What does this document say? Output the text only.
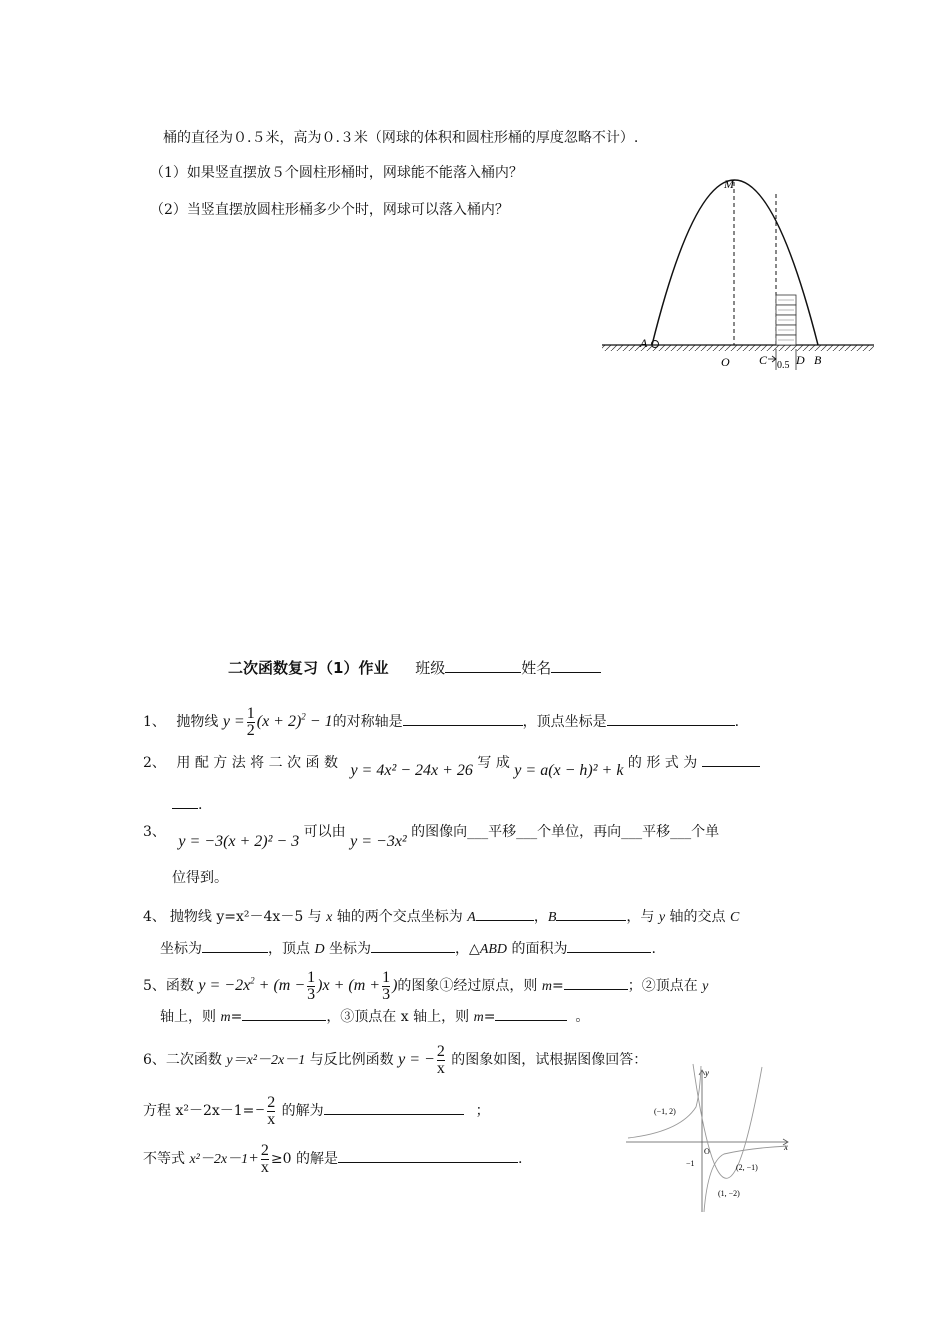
桶的直径为０.５米，高为０.３米（网球的体积和圆柱形桶的厚度忽略不计）.
（1）如果竖直摆放５个圆柱形桶时，网球能不能落入桶内？
（2）当竖直摆放圆柱形桶多少个时，网球可以落入桶内？
M
A
O C D B
0.5
二次函数复习（1）作业 班级	姓名
1、 抛物线 $y = \frac{1}{2} (x + 2)^2 - 1$的对称轴是	，顶点坐标是	.
2、 用 配 方 法 将 二 次 函 数 y = 4x² − 24x + 26 写 成 y = a(x − h)² + k 的 形 式 为
.
3、 y = −3(x + 2)² − 3 可以由 y = −3x² 的图像向___平移___个单位，再向___平移___个单
位得到。
4、 抛物线 y=x²－4x－5 与 x 轴的两个交点坐标为 A	，B	，与 y 轴的交点 C
坐标为	，顶点 D 坐标为	，△ABD 的面积为	.
5、函数 $y = -2x^2 + (m - \frac{1}{3} )x + (m + \frac{1}{3}$ )的图象①经过原点，则 m=	；②顶点在 y
轴上，则 m=	，③顶点在 x 轴上，则 m=	。
6、二次函数 y＝x²－2x－1 与反比例函数 y = − $\frac{2}{x}$ 的图象如图，试根据图像回答：
方程 $x^2-2x-1=- \frac{2}{x}$ 的解为	；
不等式 $x^2-2x-1+ \frac{2}{x} \ge 0$ 的解是	.
x
y
O
(−1, 2)
−1	(2, −1)
(1, −2)
